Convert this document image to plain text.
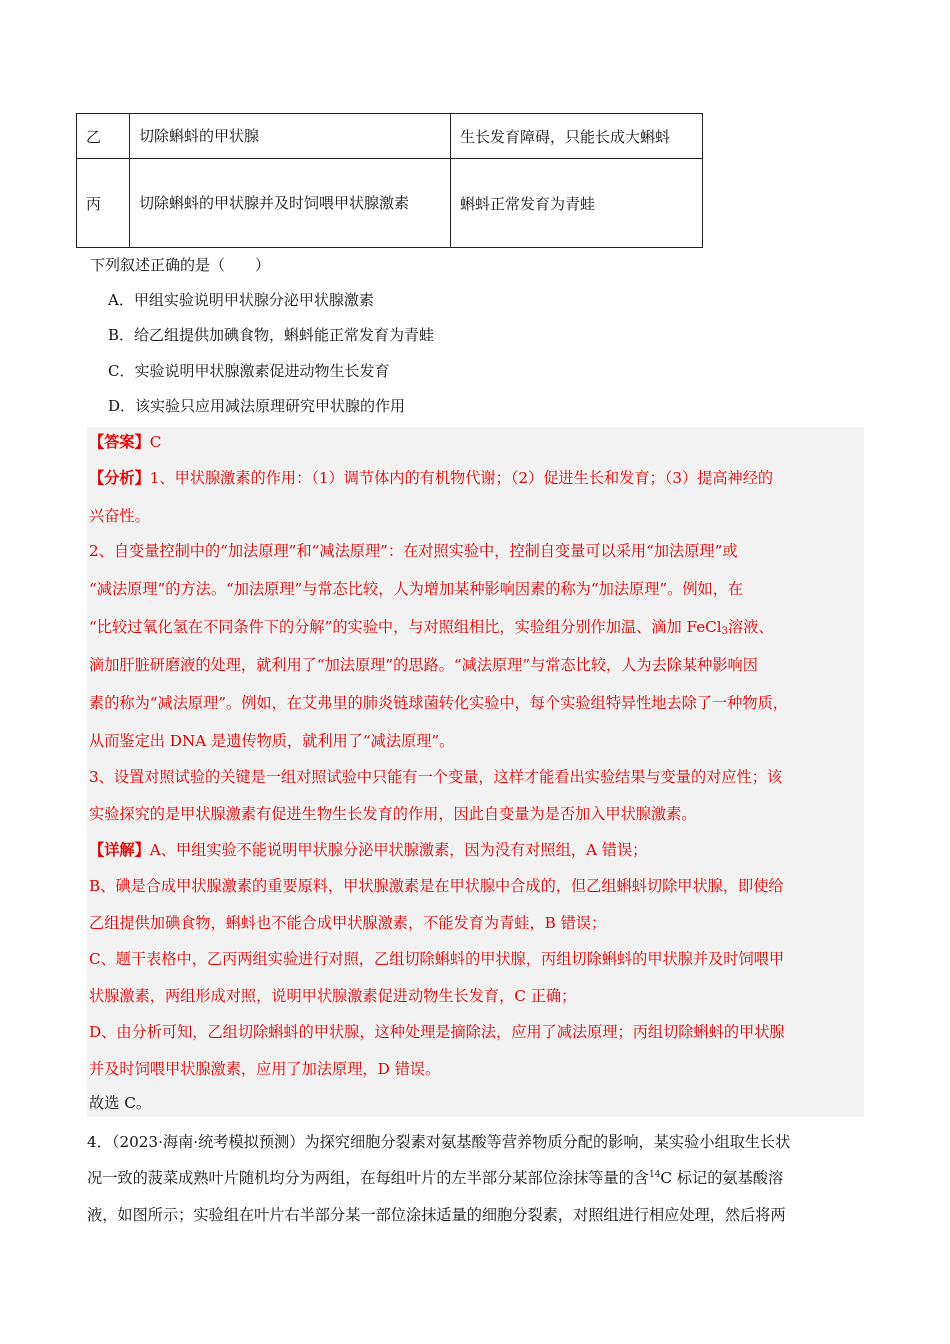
乙	切除蝌蚪的甲状腺	生长发育障碍，只能长成大蝌蚪
丙	切除蝌蚪的甲状腺并及时饲喂甲状腺激素	蝌蚪正常发育为青蛙
下列叙述正确的是（　　）
A．甲组实验说明甲状腺分泌甲状腺激素
B．给乙组提供加碘食物，蝌蚪能正常发育为青蛙
C．实验说明甲状腺激素促进动物生长发育
D．该实验只应用减法原理研究甲状腺的作用
【答案】C
【分析】1、甲状腺激素的作用：（1）调节体内的有机物代谢；（2）促进生长和发育；（3）提高神经的
兴奋性。
2、自变量控制中的“加法原理”和“减法原理”：在对照实验中，控制自变量可以采用“加法原理”或
“减法原理”的方法。“加法原理”与常态比较，人为增加某种影响因素的称为“加法原理”。例如，在
“比较过氧化氢在不同条件下的分解”的实验中，与对照组相比，实验组分别作加温、滴加 FeCl$_3$溶液、
滴加肝脏研磨液的处理，就利用了“加法原理”的思路。“减法原理”与常态比较，人为去除某种影响因
素的称为“减法原理”。例如，在艾弗里的肺炎链球菌转化实验中，每个实验组特异性地去除了一种物质，
从而鉴定出 DNA 是遗传物质，就利用了“减法原理”。
3、设置对照试验的关键是一组对照试验中只能有一个变量，这样才能看出实验结果与变量的对应性；该
实验探究的是甲状腺激素有促进生物生长发育的作用，因此自变量为是否加入甲状腺激素。
【详解】A、甲组实验不能说明甲状腺分泌甲状腺激素，因为没有对照组，A 错误；
B、碘是合成甲状腺激素的重要原料，甲状腺激素是在甲状腺中合成的，但乙组蝌蚪切除甲状腺，即使给
乙组提供加碘食物，蝌蚪也不能合成甲状腺激素，不能发育为青蛙，B 错误；
C、题干表格中，乙丙两组实验进行对照，乙组切除蝌蚪的甲状腺，丙组切除蝌蚪的甲状腺并及时饲喂甲
状腺激素，两组形成对照，说明甲状腺激素促进动物生长发育，C 正确；
D、由分析可知，乙组切除蝌蚪的甲状腺，这种处理是摘除法，应用了减法原理；丙组切除蝌蚪的甲状腺
并及时饲喂甲状腺激素，应用了加法原理，D 错误。
故选 C。
4．（2023·海南·统考模拟预测）为探究细胞分裂素对氨基酸等营养物质分配的影响，某实验小组取生长状
况一致的菠菜成熟叶片随机均分为两组，在每组叶片的左半部分某部位涂抹等量的含$^{14}$C 标记的氨基酸溶
液，如图所示；实验组在叶片右半部分某一部位涂抹适量的细胞分裂素，对照组进行相应处理，然后将两
